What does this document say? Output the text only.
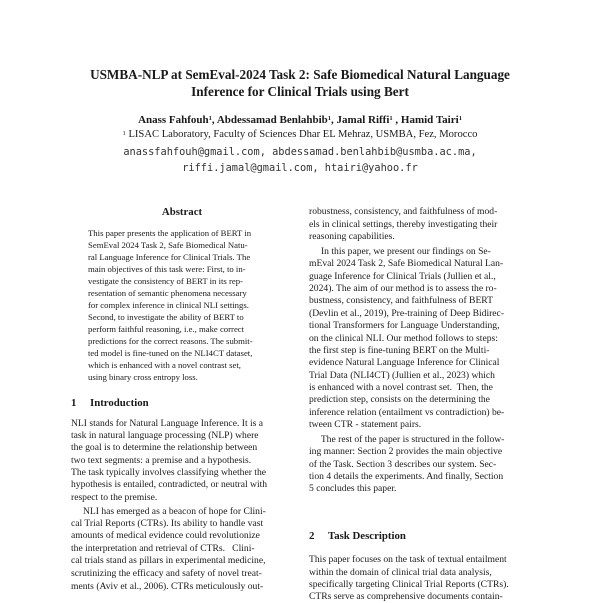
USMBA-NLP at SemEval-2024 Task 2: Safe Biomedical Natural Language
Inference for Clinical Trials using Bert
Anass Fahfouh$^1$, Abdessamad Benlahbib$^1$, Jamal Riffi$^1$ , Hamid Tairi$^1$
$^1$ LISAC Laboratory, Faculty of Sciences Dhar EL Mehraz, USMBA, Fez, Morocco
anassfahfouh@gmail.com, abdessamad.benlahbib@usmba.ac.ma,
riffi.jamal@gmail.com, htairi@yahoo.fr
Abstract
This paper presents the application of BERT in
SemEval 2024 Task 2, Safe Biomedical Natu-
ral Language Inference for Clinical Trials. The
main objectives of this task were: First, to in-
vestigate the consistency of BERT in its rep-
resentation of semantic phenomena necessary
for complex inference in clinical NLI settings.
Second, to investigate the ability of BERT to
perform faithful reasoning, i.e., make correct
predictions for the correct reasons. The submit-
ted model is fine-tuned on the NLI4CT dataset,
which is enhanced with a novel contrast set,
using binary cross entropy loss.
1 Introduction
NLI stands for Natural Language Inference. It is a
task in natural language processing (NLP) where
the goal is to determine the relationship between
two text segments: a premise and a hypothesis.
The task typically involves classifying whether the
hypothesis is entailed, contradicted, or neutral with
respect to the premise.
NLI has emerged as a beacon of hope for Clini-
cal Trial Reports (CTRs). Its ability to handle vast
amounts of medical evidence could revolutionize
the interpretation and retrieval of CTRs.   Clini-
cal trials stand as pillars in experimental medicine,
scrutinizing the efficacy and safety of novel treat-
ments (Aviv et al., 2006). CTRs meticulously out-
robustness, consistency, and faithfulness of mod-
els in clinical settings, thereby investigating their
reasoning capabilities.
In this paper, we present our findings on Se-
mEval 2024 Task 2, Safe Biomedical Natural Lan-
guage Inference for Clinical Trials (Jullien et al.,
2024). The aim of our method is to assess the ro-
bustness, consistency, and faithfulness of BERT
(Devlin et al., 2019), Pre-training of Deep Bidirec-
tional Transformers for Language Understanding,
on the clinical NLI. Our method follows to steps:
the first step is fine-tuning BERT on the Multi-
evidence Natural Language Inference for Clinical
Trial Data (NLI4CT) (Jullien et al., 2023) which
is enhanced with a novel contrast set.  Then, the
prediction step, consists on the determining the
inference relation (entailment vs contradiction) be-
tween CTR - statement pairs.
The rest of the paper is structured in the follow-
ing manner: Section 2 provides the main objective
of the Task. Section 3 describes our system. Sec-
tion 4 details the experiments. And finally, Section
5 concludes this paper.
2 Task Description
This paper focuses on the task of textual entailment
within the domain of clinical trial data analysis,
specifically targeting Clinical Trial Reports (CTRs).
CTRs serve as comprehensive documents contain-
